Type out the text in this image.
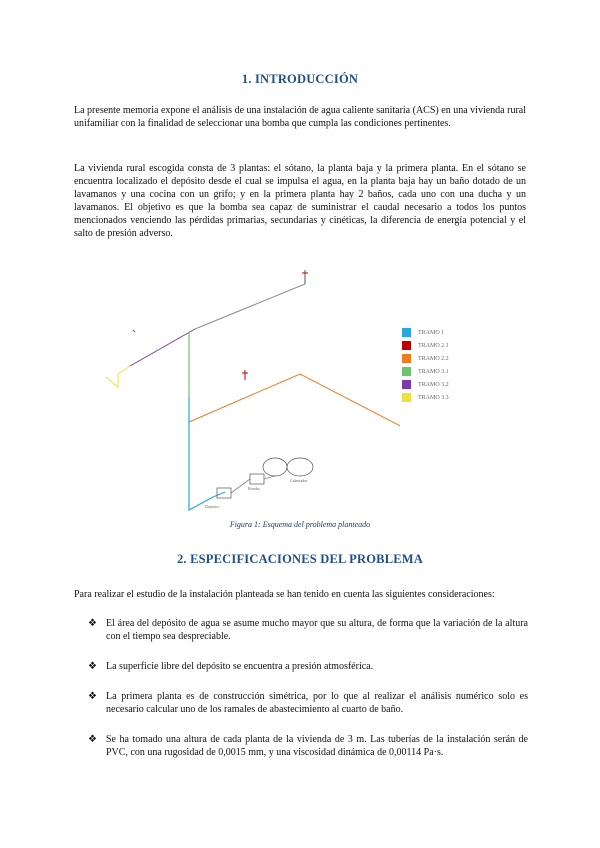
1. INTRODUCCIÓN

La presente memoria expone el análisis de una instalación de agua caliente sanitaria (ACS) en una vivienda rural unifamiliar con la finalidad de seleccionar una bomba que cumpla las condiciones pertinentes.

La vivienda rural escogida consta de 3 plantas: el sótano, la planta baja y la primera planta. En el sótano se encuentra localizado el depósito desde el cual se impulsa el agua, en la planta baja hay un baño dotado de un lavamanos y una cocina con un grifo; y en la primera planta hay 2 baños, cada uno con una ducha y un lavamanos. El objetivo es que la bomba sea capaz de suministrar el caudal necesario a todos los puntos mencionados venciendo las pérdidas primarias, secundarias y cinéticas, la diferencia de energía potencial y el salto de presión adverso.

Depósito
Bomba
Calentador
TRAMO 1
TRAMO 2.1
TRAMO 2.2
TRAMO 3.1
TRAMO 3.2
TRAMO 3.3
Figura 1: Esquema del problema planteado
2. ESPECIFICACIONES DEL PROBLEMA

Para realizar el estudio de la instalación planteada se han tenido en cuenta las siguientes consideraciones:

❖ El área del depósito de agua se asume mucho mayor que su altura, de forma que la variación de la altura con el tiempo sea despreciable.
❖ La superficie libre del depósito se encuentra a presión atmosférica.
❖ La primera planta es de construcción simétrica, por lo que al realizar el análisis numérico solo es necesario calcular uno de los ramales de abastecimiento al cuarto de baño.
❖ Se ha tomado una altura de cada planta de la vivienda de 3 m. Las tuberías de la instalación serán de PVC, con una rugosidad de 0,0015 mm, y una viscosidad dinámica de 0,00114 Pa·s.
